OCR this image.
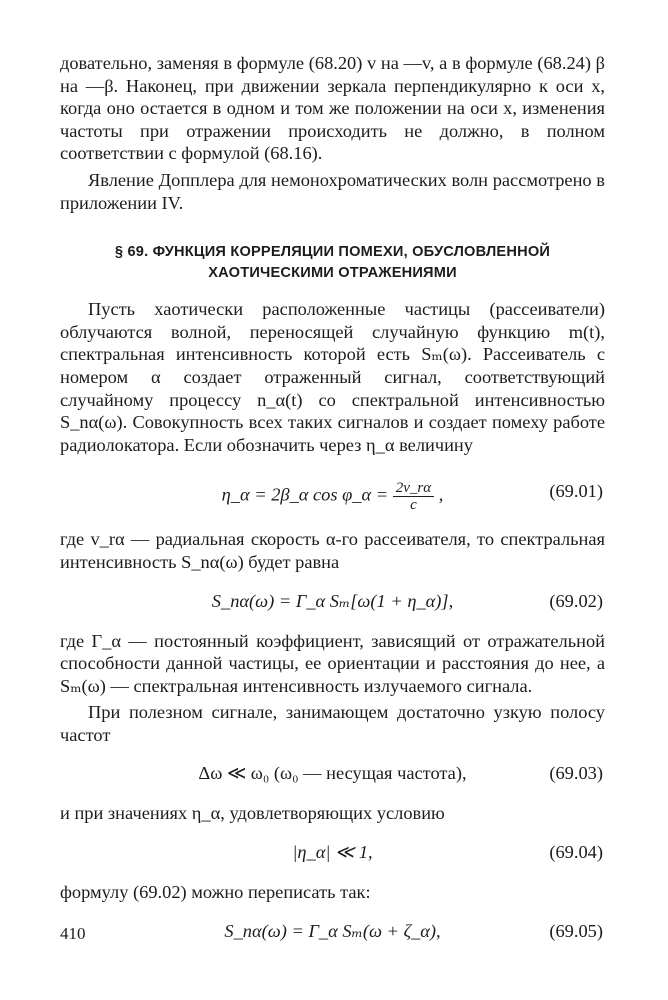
довательно, заменяя в формуле (68.20) v на —v, а в формуле (68.24) β на —β. Наконец, при движении зеркала перпендикулярно к оси x, когда оно остается в одном и том же положении на оси x, изменения частоты при отражении происходить не должно, в полном соответствии с формулой (68.16).

Явление Допплера для немонохроматических волн рассмотрено в приложении IV.

§ 69. ФУНКЦИЯ КОРРЕЛЯЦИИ ПОМЕХИ, ОБУСЛОВЛЕННОЙ
ХАОТИЧЕСКИМИ ОТРАЖЕНИЯМИ

Пусть хаотически расположенные частицы (рассеиватели) облучаются волной, переносящей случайную функцию m(t), спектральная интенсивность которой есть Sₘ(ω). Рассеиватель с номером α создает отраженный сигнал, соответствующий случайному процессу n_α(t) со спектральной интенсивностью S_nα(ω). Совокупность всех таких сигналов и создает помеху работе радиолокатора. Если обозначить через η_α величину

η_α = 2β_α cos φ_α = $\frac{2v\_r\alpha}{c}$ ,	(69.01)

где v_rα — радиальная скорость α-го рассеивателя, то спектральная интенсивность S_nα(ω) будет равна

S_nα(ω) = Γ_α Sₘ[ω(1 + η_α)],	(69.02)

где Γ_α — постоянный коэффициент, зависящий от отражательной способности данной частицы, ее ориентации и расстояния до нее, а Sₘ(ω) — спектральная интенсивность излучаемого сигнала.

При полезном сигнале, занимающем достаточно узкую полосу частот

Δω ≪ ω₀ (ω₀ — несущая частота),	(69.03)

и при значениях η_α, удовлетворяющих условию

|η_α| ≪ 1,	(69.04)

формулу (69.02) можно переписать так:

S_nα(ω) = Γ_α Sₘ(ω + ζ_α),	(69.05)
410
